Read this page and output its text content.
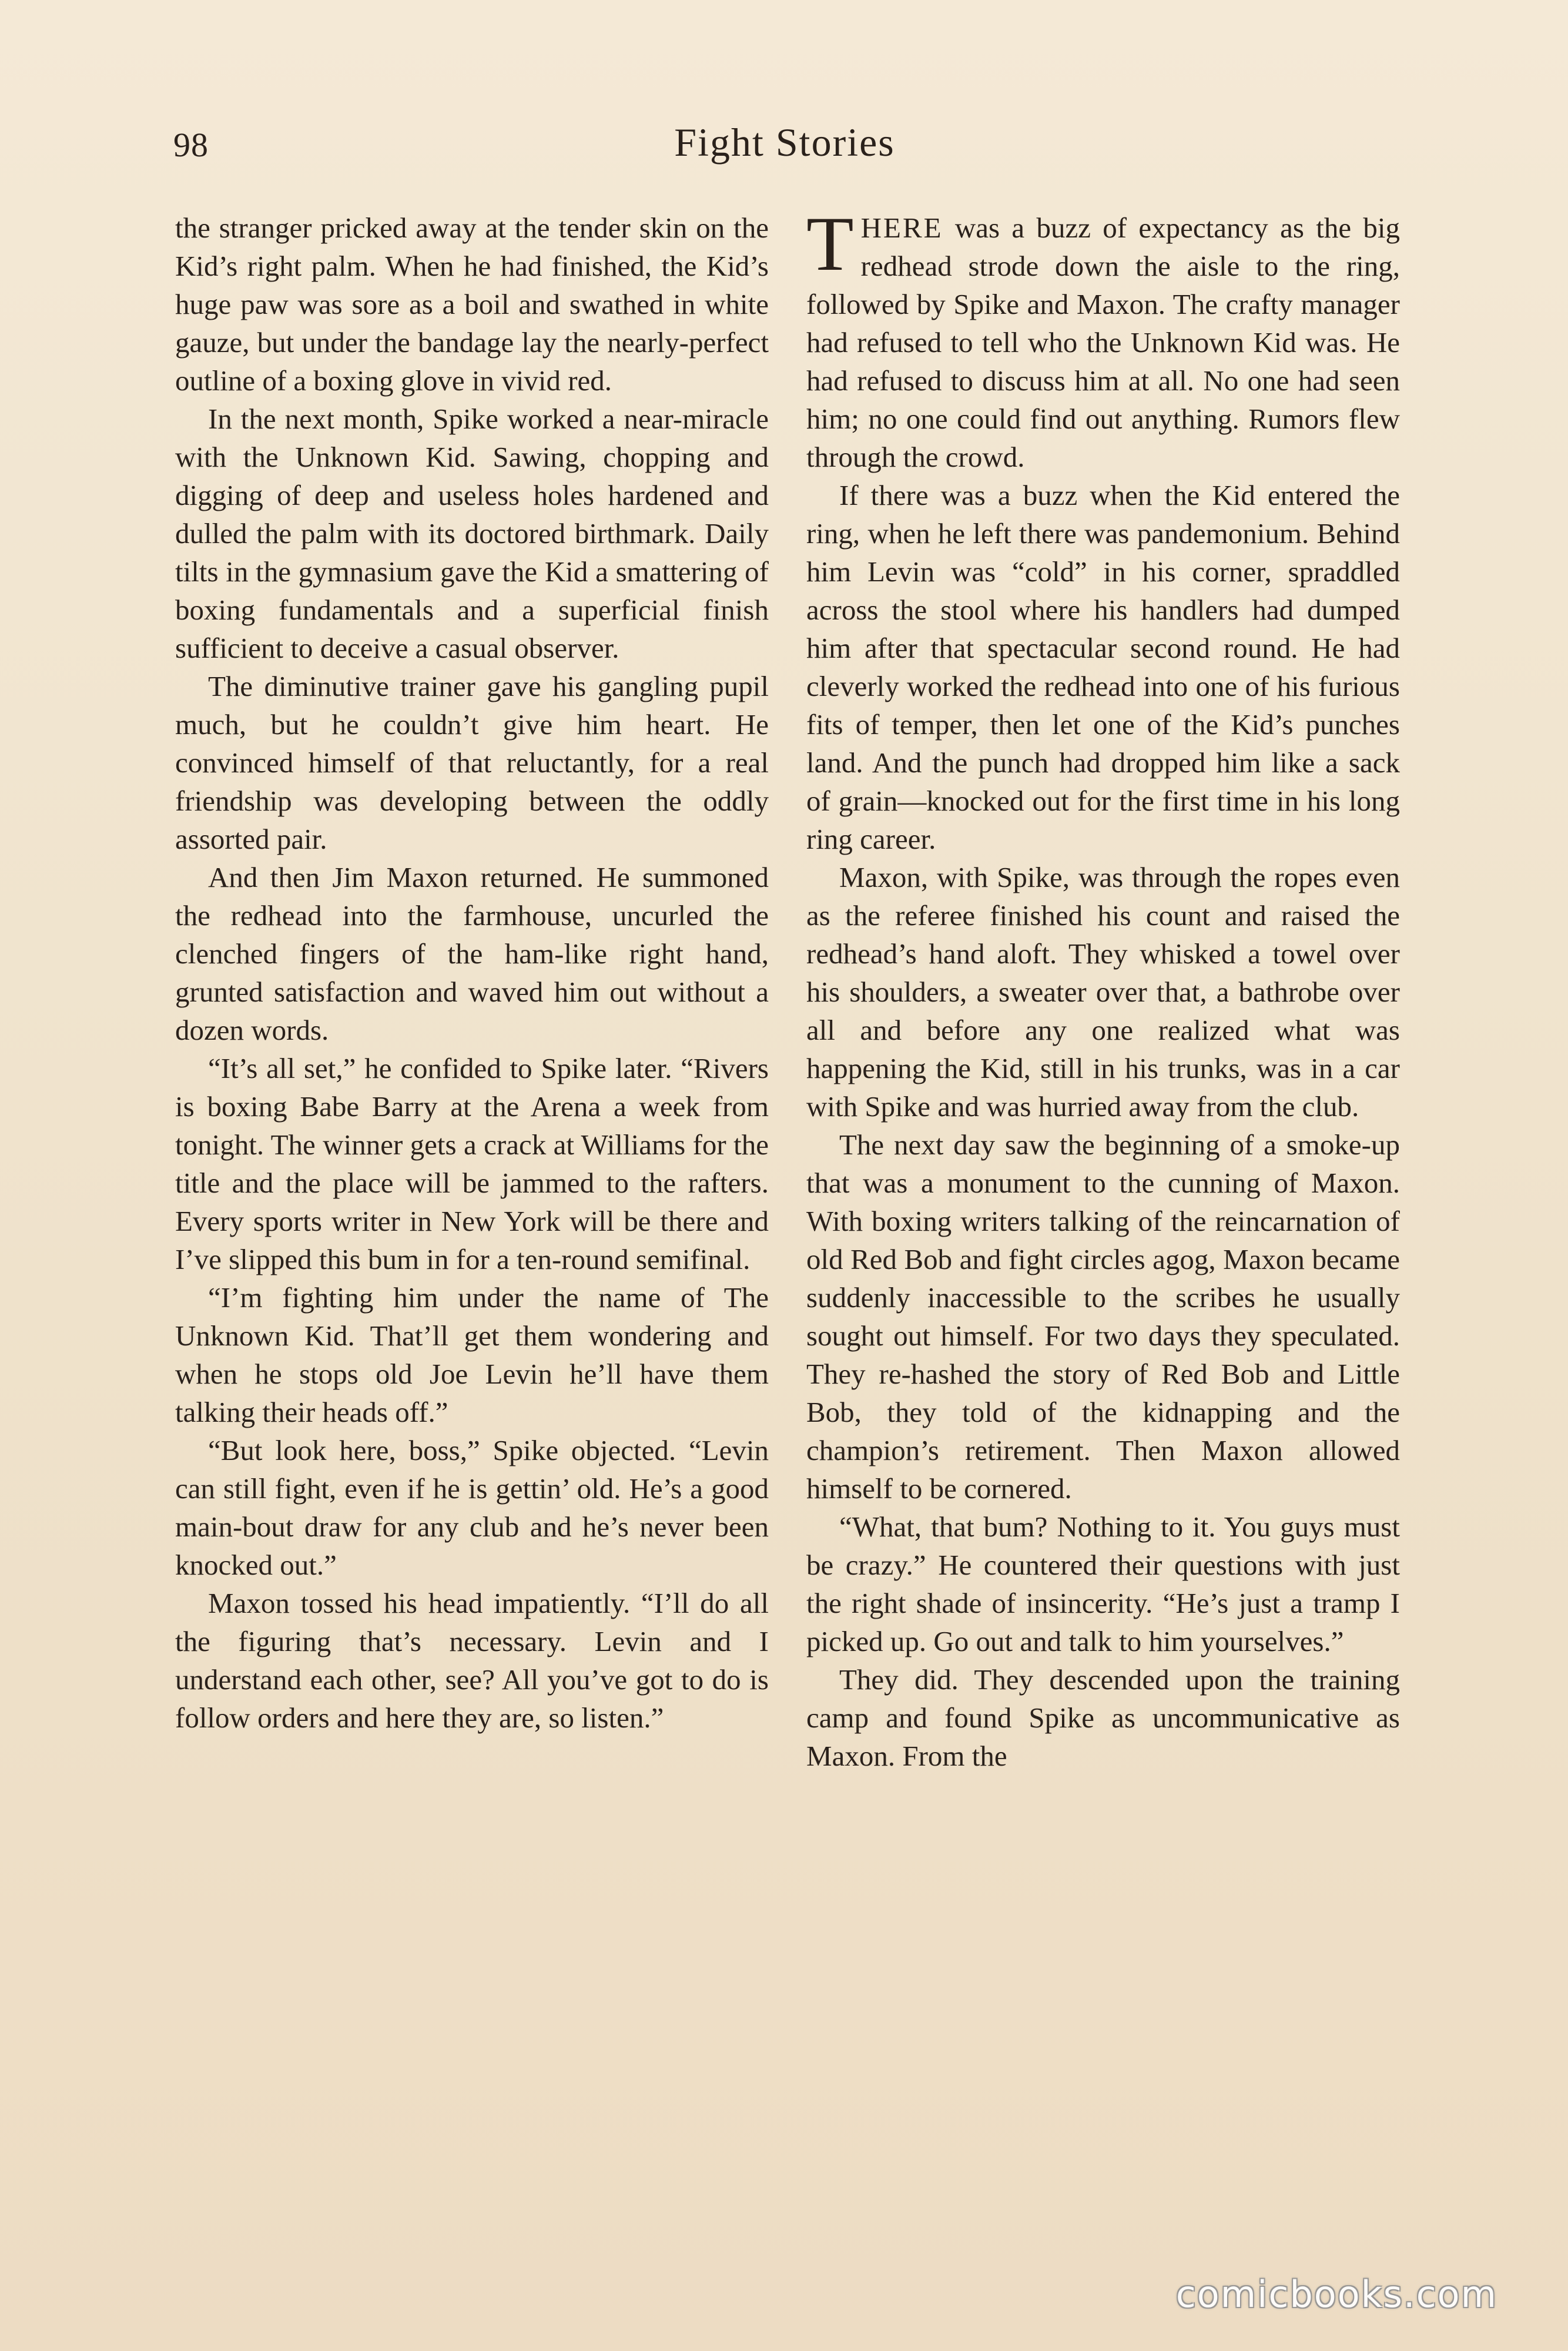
98	Fight Stories

the stranger pricked away at the tender skin on the Kid’s right palm. When he had finished, the Kid’s huge paw was sore as a boil and swathed in white gauze, but under the bandage lay the nearly-perfect outline of a boxing glove in vivid red.

In the next month, Spike worked a near-miracle with the Unknown Kid. Sawing, chopping and digging of deep and useless holes hardened and dulled the palm with its doctored birthmark. Daily tilts in the gymnasium gave the Kid a smattering of boxing fundamentals and a superficial finish sufficient to deceive a casual observer.

The diminutive trainer gave his gangling pupil much, but he couldn’t give him heart. He convinced himself of that reluctantly, for a real friendship was developing between the oddly assorted pair.

And then Jim Maxon returned. He summoned the redhead into the farmhouse, uncurled the clenched fingers of the ham-like right hand, grunted satisfaction and waved him out without a dozen words.

“It’s all set,” he confided to Spike later. “Rivers is boxing Babe Barry at the Arena a week from tonight. The winner gets a crack at Williams for the title and the place will be jammed to the rafters. Every sports writer in New York will be there and I’ve slipped this bum in for a ten-round semifinal.

“I’m fighting him under the name of The Unknown Kid. That’ll get them wondering and when he stops old Joe Levin he’ll have them talking their heads off.”

“But look here, boss,” Spike objected. “Levin can still fight, even if he is gettin’ old. He’s a good main-bout draw for any club and he’s never been knocked out.”

Maxon tossed his head impatiently. “I’ll do all the figuring that’s necessary. Levin and I understand each other, see? All you’ve got to do is follow orders and here they are, so listen.”

THERE was a buzz of expectancy as the big redhead strode down the aisle to the ring, followed by Spike and Maxon. The crafty manager had refused to tell who the Unknown Kid was. He had refused to discuss him at all. No one had seen him; no one could find out anything. Rumors flew through the crowd.

If there was a buzz when the Kid entered the ring, when he left there was pandemonium. Behind him Levin was “cold” in his corner, spraddled across the stool where his handlers had dumped him after that spectacular second round. He had cleverly worked the redhead into one of his furious fits of temper, then let one of the Kid’s punches land. And the punch had dropped him like a sack of grain—knocked out for the first time in his long ring career.

Maxon, with Spike, was through the ropes even as the referee finished his count and raised the redhead’s hand aloft. They whisked a towel over his shoulders, a sweater over that, a bathrobe over all and before any one realized what was happening the Kid, still in his trunks, was in a car with Spike and was hurried away from the club.

The next day saw the beginning of a smoke-up that was a monument to the cunning of Maxon. With boxing writers talking of the reincarnation of old Red Bob and fight circles agog, Maxon became suddenly inaccessible to the scribes he usually sought out himself. For two days they speculated. They re-hashed the story of Red Bob and Little Bob, they told of the kidnapping and the champion’s retirement. Then Maxon allowed himself to be cornered.

“What, that bum? Nothing to it. You guys must be crazy.” He countered their questions with just the right shade of insincerity. “He’s just a tramp I picked up. Go out and talk to him yourselves.”

They did. They descended upon the training camp and found Spike as uncommunicative as Maxon. From the

comicbooks.com
